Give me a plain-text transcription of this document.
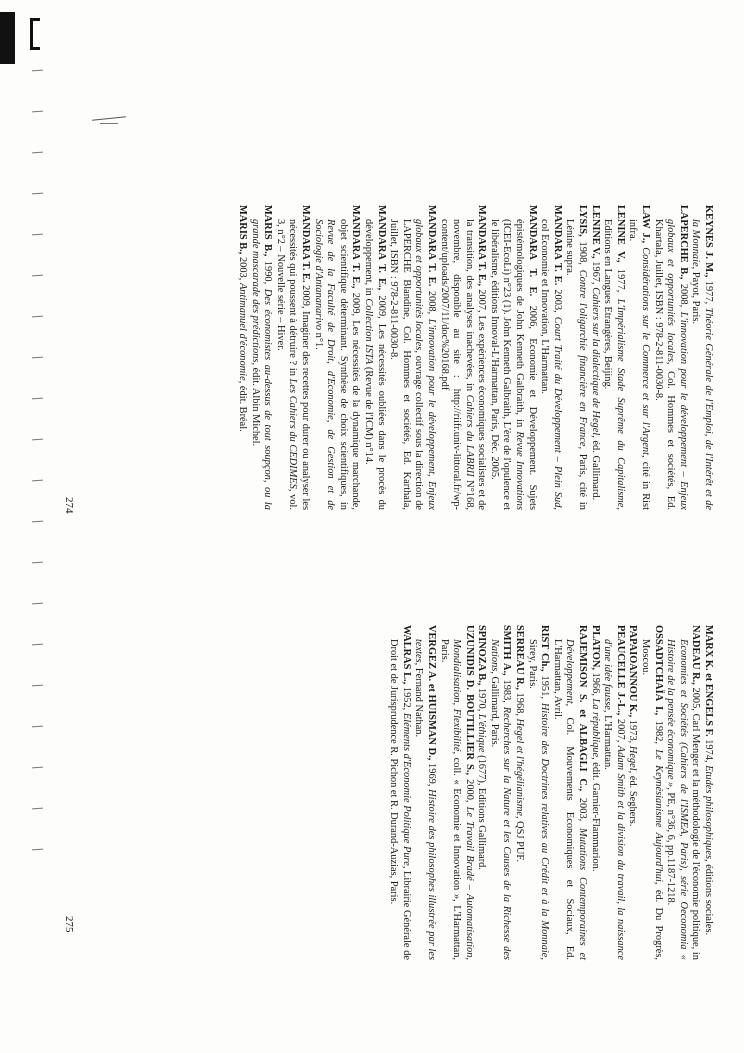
KEYNES J. M., 1977, Théorie Générale de l'Emploi, de l'Intérêt et de la Monnaie, Payot, Paris.

LAPERCHE B., 2008, L'innovation pour le développement – Enjeux globaux et opportunités locales, Col. Hommes et sociétés, Ed. Khartala, Juillet, ISBN : 978-2-811-0030-8.

LAW J., Considérations sur le Commerce et sur l'Argent, cité in Rist infra.

LENINE V., 1977, L'Impérialisme Stade Suprême du Capitalisme, Editions en Langues Etrangères, Beijing.

LENINE V., 1967, Cahiers sur la dialectique de Hegel, éd. Gallimard.

LYSIS, 1908, Contre l'oligarchie financière en France, Paris, cité in Lénine supra.

MANDARA T. E. 2003, Court Traité du Développement – Plein Sud, col Economie et Innovation, L'Harmattan.

MANDARA T. E. 2006, Economie et Développement. Sujets épistémologiques de John Kenneth Galbraith, in Revue Innovations (ICEI-EcoLi) n°23 (1). John Kenneth Galbraith, L'ère de l'opulence et le libéralisme, éditions Innoval-L'Harmattan, Paris, Déc. 2005.

MANDARA T. E., 2007, Les expériences économiques socialistes et de la transition, des analyses inachevées, in Cahiers du LABRII N°168, novembre, disponible au site : http://riifr.univ-littoral.fr/wp-content/uploads/2007/11/doc%20168.pdf

MANDARA T. E. 2008, L'innovation pour le développement, Enjeux globaux et opportunités locales, ouvrage collectif sous la direction de LAPERCHE Blandine, Col. Hommes et sociétés, Ed. Karthala, Juillet, ISBN : 978-2-811-0030-8.

MANDARA T. E., 2009, Les nécessités oubliées dans le procès du développement, in Collection ISTA (Revue de l'ICM) n°14.

MANDARA T. E., 2009, Les nécessités de la dynamique marchande, objet scientifique déterminant. Synthèse de choix scientifiques, in Revue de la Faculté de Droit, d'Economie, de Gestion et de Sociologie d'Antananarivo n°1.

MANDARA T. E. 2009, Imaginer des recettes pour durer ou analyser les nécessités qui poussent à détruire ? in Les Cahiers du CEDIMES, vol. 3, n°2 – Nouvelle série – Hiver.

MARIS B., 1990, Des économistes au-dessus de tout soupçon, ou la grande mascarade des prédictions, édit. Albin Michel.

MARIS B., 2003, Antimanuel d'économie, édit. Bréal.

MARX K. et ENGELS F. 1974, Etudes philosophiques, éditions sociales.

NADEAU R., 2005, Carl Menger et la méthodologie de l'économie politique, in Economies et Sociétés (Cahiers de l'ISMEA, Paris), série Oeconomia « Histoire de la pensée économique », PE, n°36, 6, pp.1187-1218.

OSSADTCHAÏA I., 1982, Le Keynésianisme Aujourd'hui, éd. Du Progrès, Moscou.

PAPAIOANNOU K., 1973, Hegel, éd. Seghers.

PEAUCELLE J.-L., 2007, Adam Smith et la division du travail, la naissance d'une idée fausse, L'Harmattan.

PLATON, 1966, La république, édit. Garnier-Flammarion.

RAJEMISON S. et ALBAGLI C., 2003, Mutations Contemporaines et Développement, Col. Mouvements Economiques et Sociaux, Ed. L'Harmattan, Avril.

RIST Ch., 1951, Histoire des Doctrines relatives au Crédit et à la Monnaie, Sirey, Paris.

SERREAU R., 1968, Hegel et l'hégélianisme, QSJ PUF.

SMITH A., 1983, Recherches sur la Nature et les Causes de la Richesse des Nations, Gallimard, Paris.

SPINOZA B., 1970, L'éthique (1677), Editions Gallimard.

UZUNIDIS D. BOUTILLIER S., 2000, Le Travail Bradé – Automatisation, Mondialisation, Flexibilité, coll. « Economie et Innovation », L'Harmattan, Paris.

VERGEZ A. et HUISMAN D., 1969, Histoire des philosophes illustrée par les textes, Fernand Nathan.

WALRAS L., 1952, Eléments d'Economie Politique Pure, Librairie Générale de Droit et de Jurisprudence R. Pichon et R. Durand-Auzias, Paris.

274
275
